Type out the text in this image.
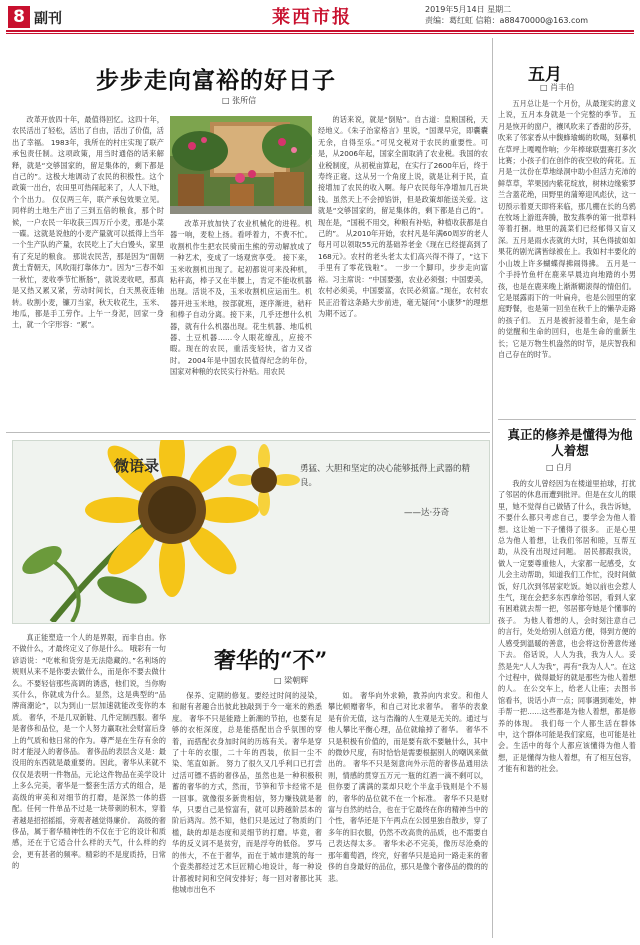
8 副刊	莱西市报	2019年5月14日 星期二
责编：葛红虹 信箱：a88470000@163.com
步步走向富裕的好日子
□ 张所信

改革开放四十年，最值得回忆。这四十年，农民活出了轻松，活出了自由，活出了价值，活出了幸福。 1983年，我所在的村庄实现了联产承包责任制。这项政策，用当时通俗的话来解释，就是“交够国家的，留足集体的，剩下都是自己的”。这极大地调动了农民的积极性。这个政策一出台，农田里可热闹起来了，人人下地，个个出力。 仅仅两三年，联产承包效果立见。同样的土地生产出了三到五倍的粮食，那个时候，一户农民一年收获三四万斤小麦，那是小菜一碟。这就是说他的小麦产量就可以抵得上当年一个生产队的产量，农民吃上了大白馒头，家里有了充足的粮食。 那说农民苦，那是因为“面朝黄土背朝天，风吹雨打靠体力”。因为“三春不如一秋忙，麦收季节忙断肠”，就说麦收吧，那真是又热又累又紧，劳动时间长，白天黑夜连轴转。收割小麦，镰刀当家，秋天收花生，玉米、地瓜，都是手工劳作。上午一身泥，回家一身土，就一个字形容：“累”。

改革开放加快了农业机械化的进程。机器一响，麦粒上扬。看呼着力，不费不忙。收割机作生把农民骑而生熊的劳动解放成了一种艺术，变成了一场观赏享受。 接下来，玉米收割机出现了。起初都说可来没种机，粘秆高，棒子又在半腰上，肯定不能收机器出现。活说不及，玉米收割机应运而生。机器开进玉米地，按部就班，逐序渐进，秸秆和棒子自动分离。接下来，几乎还想什么机器，就有什么机器出现。花生机器、地瓜机器、土豆机器……令人眼花缭乱，应接不暇。现在的农民，重活变轻快，省力又省时。 2004年是中国农民值得纪念的年份，国家对种粮的农民实行补贴。用农民

的话来说，就是“倒贴”。自古道：皇粮国税，天经地义。《朱子治家格言》里说，“国课早完，即囊囊无余，自得至乐。”可见交税对于农民的重要性。可是，从2006年起，国家全面取消了农业税。我国的农业税制度，从初税亩算起，在实行了2600年后，终于寿终正寝。这从另一个角度上说，就是让利于民，直接增加了农民的收入啊。每户农民每年净增加几百块钱。虽然天上不会掉馅饼，但是政策却能送关爱。这就是“交够国家的，留足集体的，剩下都是自己的”。现在是，“国税不用交，种粮有补贴，种植收获都是自己的”。 从2010年开始，农村凡是年满60周岁的老人每月可以领取55元的基础养老金《现在已经提高到了168元》。农村的老头老太太们高兴得不得了，“这下手里有了零花钱啦”。 一步一个脚印，步步走向富裕。习主席说：“中国要强，农业必须强；中国要美，农村必须美，中国要富，农民必须富。”现在，农村农民正沿着这条路大步前进，毫无疑问“小康梦”的理想为期不远了。

五月
□ 肖丰伯

五月总让是一个月份，从最现实的意义上说，五月本身就是一个完整的季节。 五月是恢开的窗户，禳风吹来了香甜的莎芬，吹来了邻家香从中馥蜂瑜蝎的吹喝，刻摹机在草坪上嘎嘎作响；少年棒球联盟赛打多次比赛；小孩子们在创作的夜空收的荷花。五月是一汰份在草地绿洞中助小但活力充沛的鲜草草，苹果园内紫花绽放，树林边缘紫罗兰含蓋花绝，田野里的蒲筹迎风彪伏，这一切预示着夏天即将来临，那几棚在长的乌鸦在牧场上游逛奔腾，散发燕季的第一批草料等着打捆。地里的蔬菜们已经郁得又盲又深。五月是雨水丧就的大时，其色得拔如如果花的剧光满皆绿被在上。我如村丰要化的小山坡上许多蝴蝶得拂闹得拂。 五月是一个手持竹鱼杆在鹿来早晨边向地踏的小男孩，也是在鹿来晚上渐渐糊滚得的情侣们。它是展露雨下的一叶扁舟，也是公园里的家庭野餐，也是第一回坐在秋千上的懒孕走路的孩子们。 五月是被折浸着生命，是生命的觉醒和生命的回归，也是生命的重新生长；它是万物生机盎然的时节，是庆智我和自己存在的时节。

微语录	勇猛、大胆和坚定的决心能够抵得上武器的精良。
——达·芬奇
奢华的“不”
□ 梁朝辉

真正能塑造一个人的是界限，而非自由。你不做什么，才最终定义了你是什么。 哦彩有一句谚语说：“吃帐和货穷是无法隐藏的。”名利场的规则从来不是你要去做什么，而是你不要去做什么。不要轻信那些高调的诱惑，他们说，当你购买什么，你就成为什么。显然，这是典型的“品牌商潮论”，以为到山一层加速就能改变你的本质。 奢华，不是几双新鞋、几件定制西服。奢华是奢侈和品位，是一个人努力赢取社会财富后身上的气质和他日常的作为。尊严是在生存有余的时才能浸入的奢侈品。 奢侈品的表层含义是：最没用的东西就是最重要的。因此，奢华从来就不仅仅是表明一件物品，元论这件物品在美学设计上多么完美，奢华是一整套生活方式的组合，是高级的审美和对细节的打磨，是深然一体的搭配。任何一件单品不过是一块带刺的积木，穿着者越是招招摇摇，旁观者越觉得廉价。 高级的奢侈品，属于奢华精神性的不仅在于它的设计和质感，还在于它适合什么样的天气，什么样的约会，更有甚者的频率。精彩的不是度质持，日常的

保养、定期的修复。要经过时间的浸染，和耐有者趣合出彼此独敲到于今一毫米的熟悉度。 奢华不只是能踏上新潮的节拍，也要有足够的衣柜深度，总是能搭配出合乎氛围的穿着，而搭配衣身加时间的历练有关。奢华是穿了十年的衣服，二十年的西装，依旧一尘不染、笔直如新。 努力了很久又几乎利口已打尝过活可镖不搭的奢侈品，虽然也是一种积极积蓄的奢华的方式，然而，节笋和节卡经常不是一回事。就像很多新贵相信，努力赚钱就是奢华，只要自己是惊富有，就可以跨越阶层本的阶后鸿沟。然不知，他们只是远过了物质的门槛，缺的却是态度和灵细节的打磨。毕竟，奢华的反义词不是贫穷，而是浮夸的低俗。 罗马的伟大，不在于奢华，而在于城市建筑的每一个瓷类都经过艺术巨匠精心地设计，每一种设计都被时间和空间安排好；每一回对奢都比其他城市出色不

如。 奢华向外求赖，教养向内求安。和他人攀比顿赠奢华，和自己对比求奢华。 奢华的表象是有价无值，这与浩瀚的人生观是无关的。通过与他人攀比平衡心理，品位就输掉了奢华。 奢华不只是积极有价值的，而是要有欲不要触什么，其中的微妙尺度，有时恰恰是需要根据别人的嘲讽来做出的。 奢华不只是刻意向外示范的奢侈品通用法则，情感的贯穿五万元一瓶的红酒一滴不剩可以，但你要了满满的菜却只吃个半盒手钱则是个不易的，奢华的品位就不在一个标准。 奢华不只是财富与自然的结合，也在于它最终在你的精神当中的个性，奢华还是下午两点在公园里独自散步，穿了多年的旧衣服，仍然不改高贵的品质，也不需要自己表达得太多。 奢华未必不完美，像历尽沧桑的那年葡萄酒，终究，好奢华只是追问一路走来的奢侈的自身最好的品位，那只是像个奢侈品的微的的悲。

真正的修养是懂得为他人着想
□ 白月

我的女儿曾经因为在楼道里拍球，打扰了邻居的休息而遭到批评。但是在女儿的眼里，她不觉得自己做错了什么，我告诉她，不要什么都只考虑自己，要学会为他人着想。这让她一下子懂得了很多。 正是心里总为他人着想，让我们邻居和睦，互帮互助，从没有出现过问题。 居民都跟我说，做人一定要尊重他人，大家都一起感受，女儿会主动帮助，知道我们工作忙，没时间做饭，好几次到邻居家吃饭。她以前也会惹人生气，现在会把多东西拿给邻居，看到人家有困难就去帮一把，邻居都夸她是个懂事的孩子。 为他人着想的人，会时刻注意自己的言行，处处给别人创造方便，得到方便的人感受到温暖的善意，也会将这份善意传递下去。 俗话说，人人为我，我为人人。妥然是先“人人为我”，再有“我为人人”。在这个过程中，做得最好的就是那些为他人着想的人。 在公交车上，给老人让座；去图书馆看书，说话小声一点；同事遇到难处，伸手帮一把……这些都是为他人着想，都是修养的体现。 我们每一个人都生活在群体中，这个群体可能是我们家庭，也可能是社会。生活中的每个人都应该懂得为他人着想，正是懂得为他人着想，有了相互包容，才能有和谐的社会。
